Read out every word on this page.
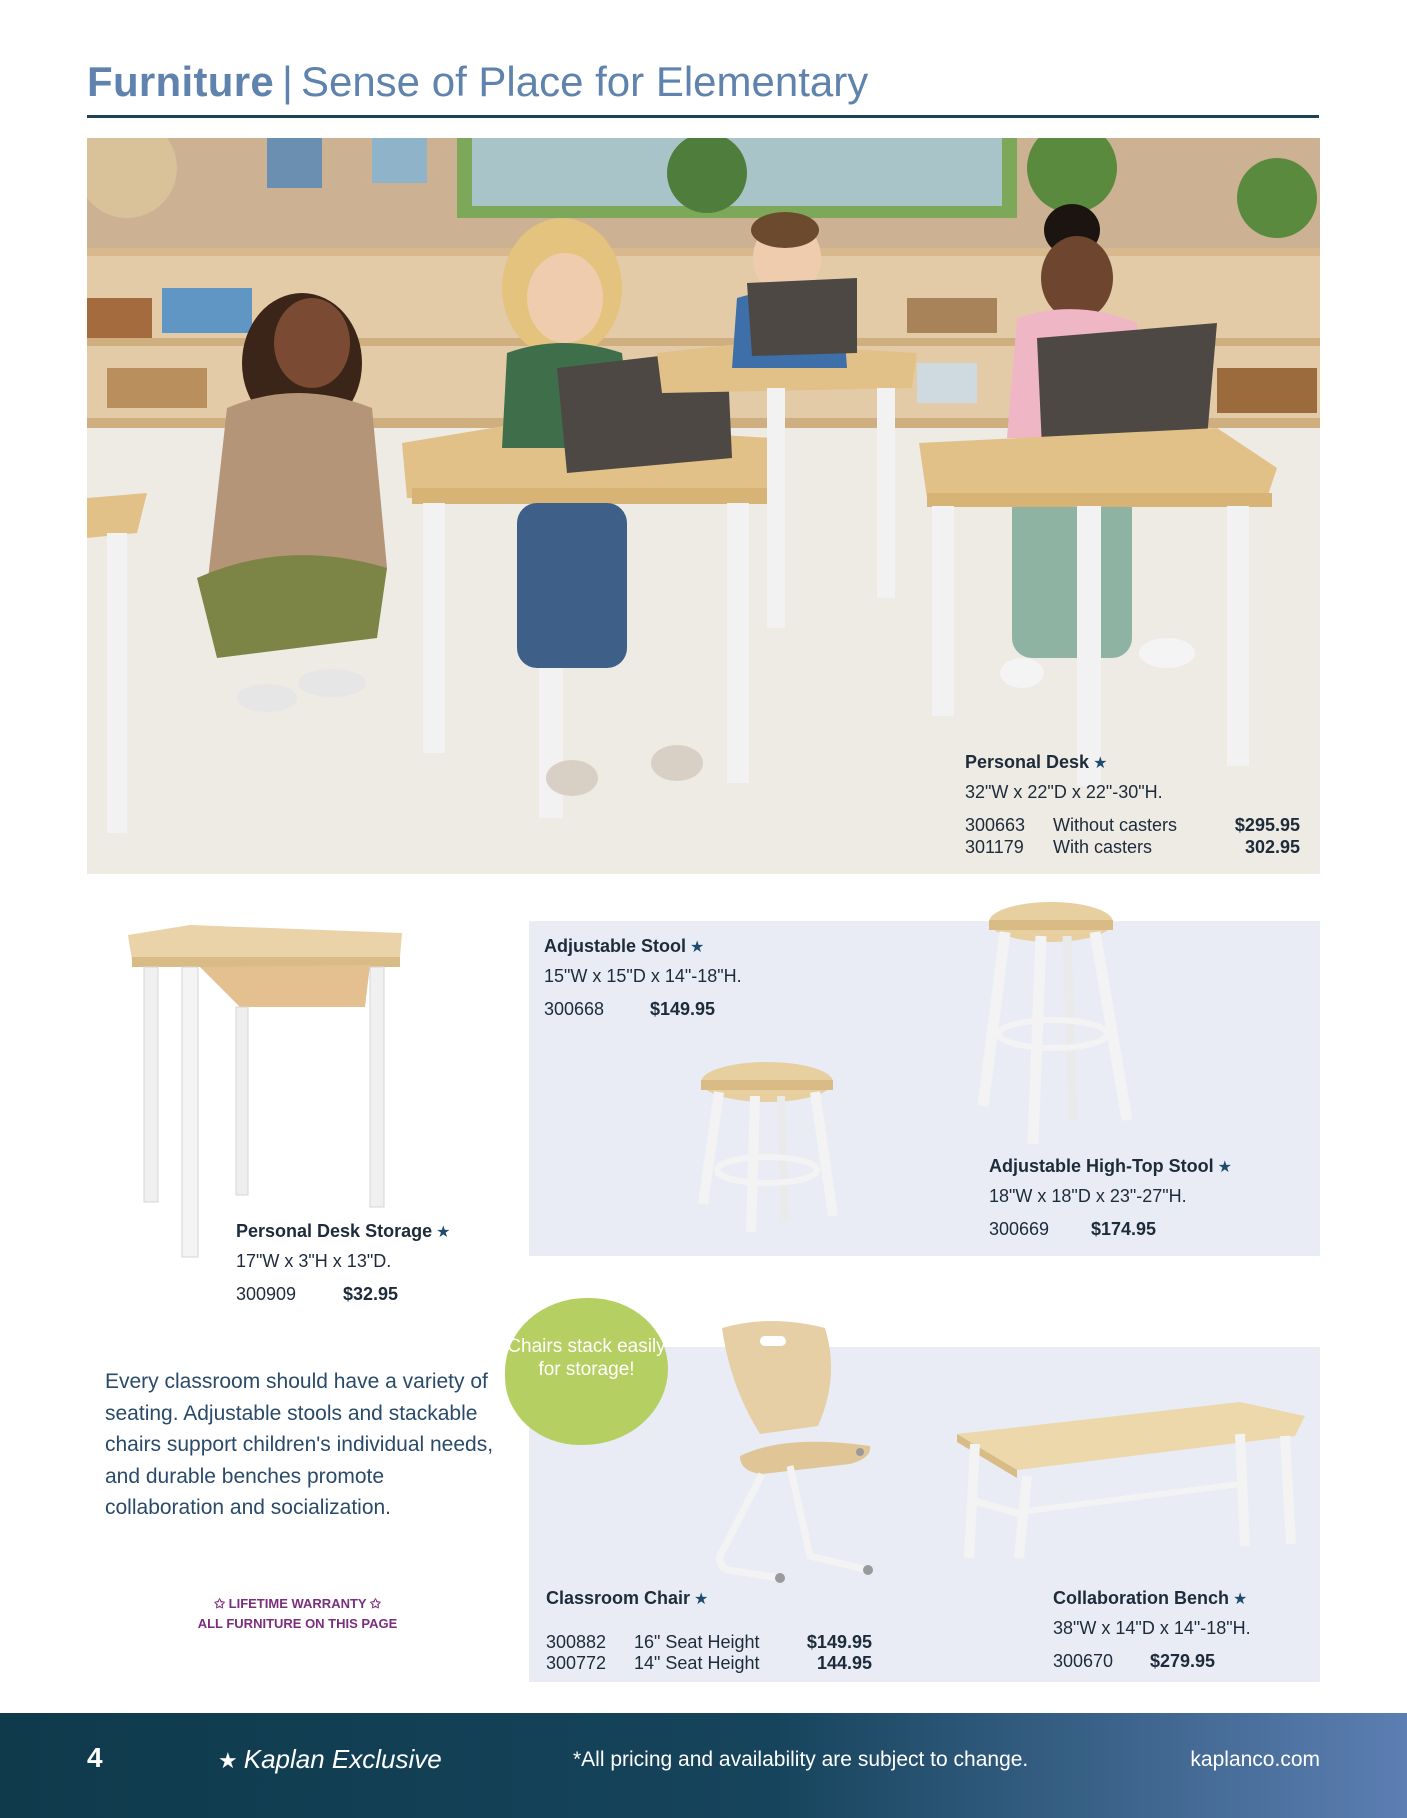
Furniture | Sense of Place for Elementary
Personal Desk ★
32"W x 22"D x 22"-30"H.
300663	Without casters	$295.95
301179	With casters	302.95
Personal Desk Storage ★
17"W x 3"H x 13"D.
300909	$32.95
Adjustable Stool ★
15"W x 15"D x 14"-18"H.
300668	$149.95
Adjustable High-Top Stool ★
18"W x 18"D x 23"-27"H.
300669	$174.95
Every classroom should have a variety of seating. Adjustable stools and stackable chairs support children's individual needs, and durable benches promote collaboration and socialization.
✩ LIFETIME WARRANTY ✩
ALL FURNITURE ON THIS PAGE
Chairs stack easily for storage!
Classroom Chair ★
300882	16" Seat Height	$149.95
300772	14" Seat Height	144.95
Collaboration Bench ★
38"W x 14"D x 14"-18"H.
300670	$279.95
4	★ Kaplan Exclusive	*All pricing and availability are subject to change.	kaplanco.com
